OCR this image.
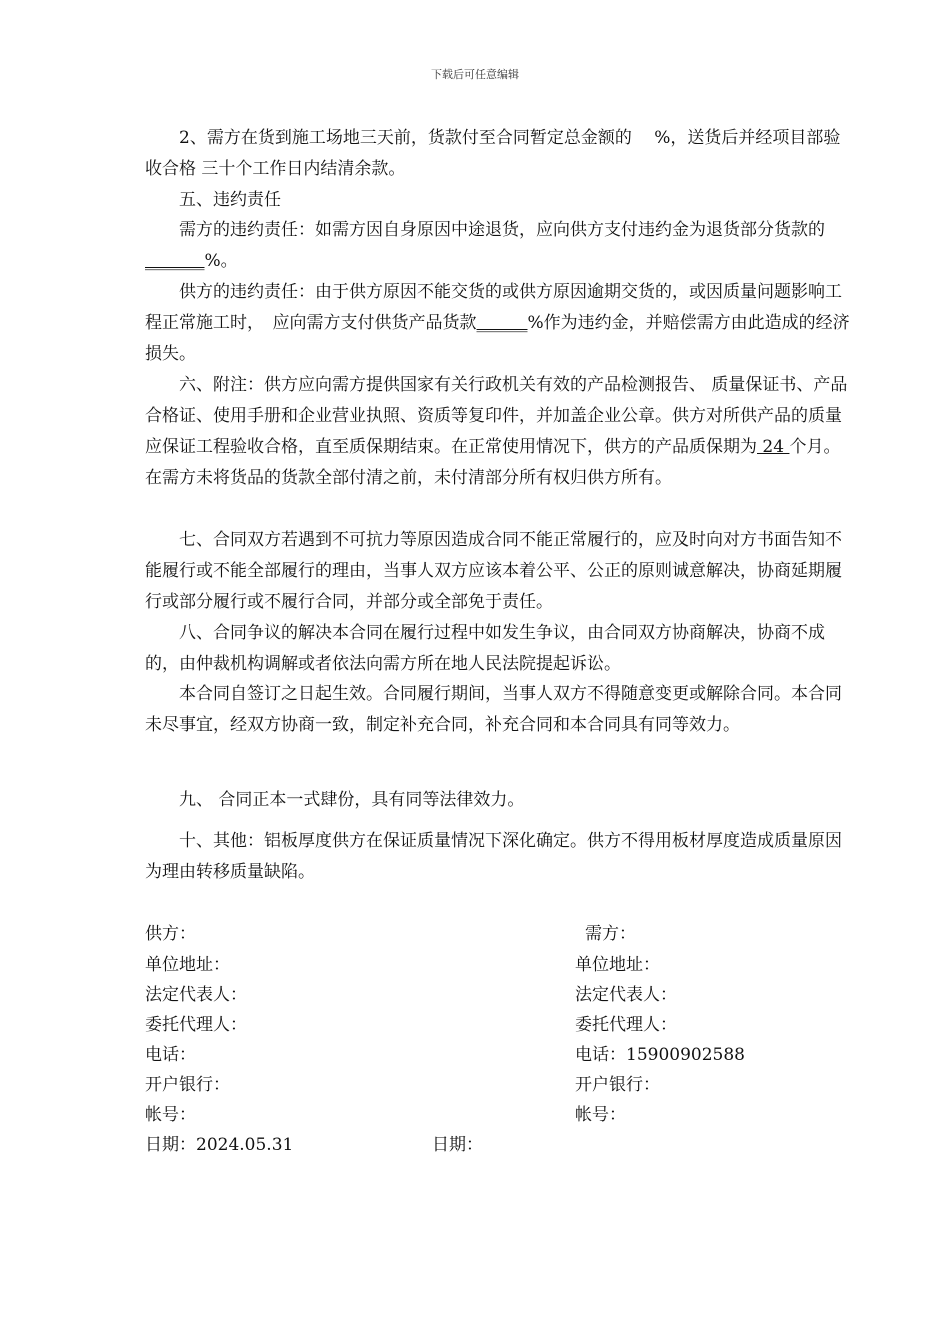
下载后可任意编辑

　　2、需方在货到施工场地三天前，货款付至合同暂定总金额的　 %，送货后并经项目部验收合格 三十个工作日内结清余款。

　　五、违约责任

　　需方的违约责任：如需方因自身原因中途退货，应向供方支付违约金为退货部分货款的_______%。

　　供方的违约责任：由于供方原因不能交货的或供方原因逾期交货的，或因质量问题影响工程正常施工时，　应向需方支付供货产品货款______%作为违约金，并赔偿需方由此造成的经济损失。

　　六、附注：供方应向需方提供国家有关行政机关有效的产品检测报告、 质量保证书、产品合格证、使用手册和企业营业执照、资质等复印件，并加盖企业公章。供方对所供产品的质量应保证工程验收合格，直至质保期结束。在正常使用情况下，供方的产品质保期为 24 个月。在需方未将货品的货款全部付清之前，未付清部分所有权归供方所有。

　　七、合同双方若遇到不可抗力等原因造成合同不能正常履行的，应及时向对方书面告知不能履行或不能全部履行的理由，当事人双方应该本着公平、公正的原则诚意解决，协商延期履行或部分履行或不履行合同，并部分或全部免于责任。

　　八、合同争议的解决本合同在履行过程中如发生争议，由合同双方协商解决，协商不成的，由仲裁机构调解或者依法向需方所在地人民法院提起诉讼。

　　本合同自签订之日起生效。合同履行期间，当事人双方不得随意变更或解除合同。本合同未尽事宜，经双方协商一致，制定补充合同，补充合同和本合同具有同等效力。

　　九、 合同正本一式肆份，具有同等法律效力。

　　十、其他：铝板厚度供方在保证质量情况下深化确定。供方不得用板材厚度造成质量原因为理由转移质量缺陷。

供方：
单位地址：
法定代表人：
委托代理人：
电话：
开户银行：
帐号：
日期：2024.05.31
需方：
单位地址：
法定代表人：
委托代理人：
电话：15900902588
开户银行：
帐号：
日期：
